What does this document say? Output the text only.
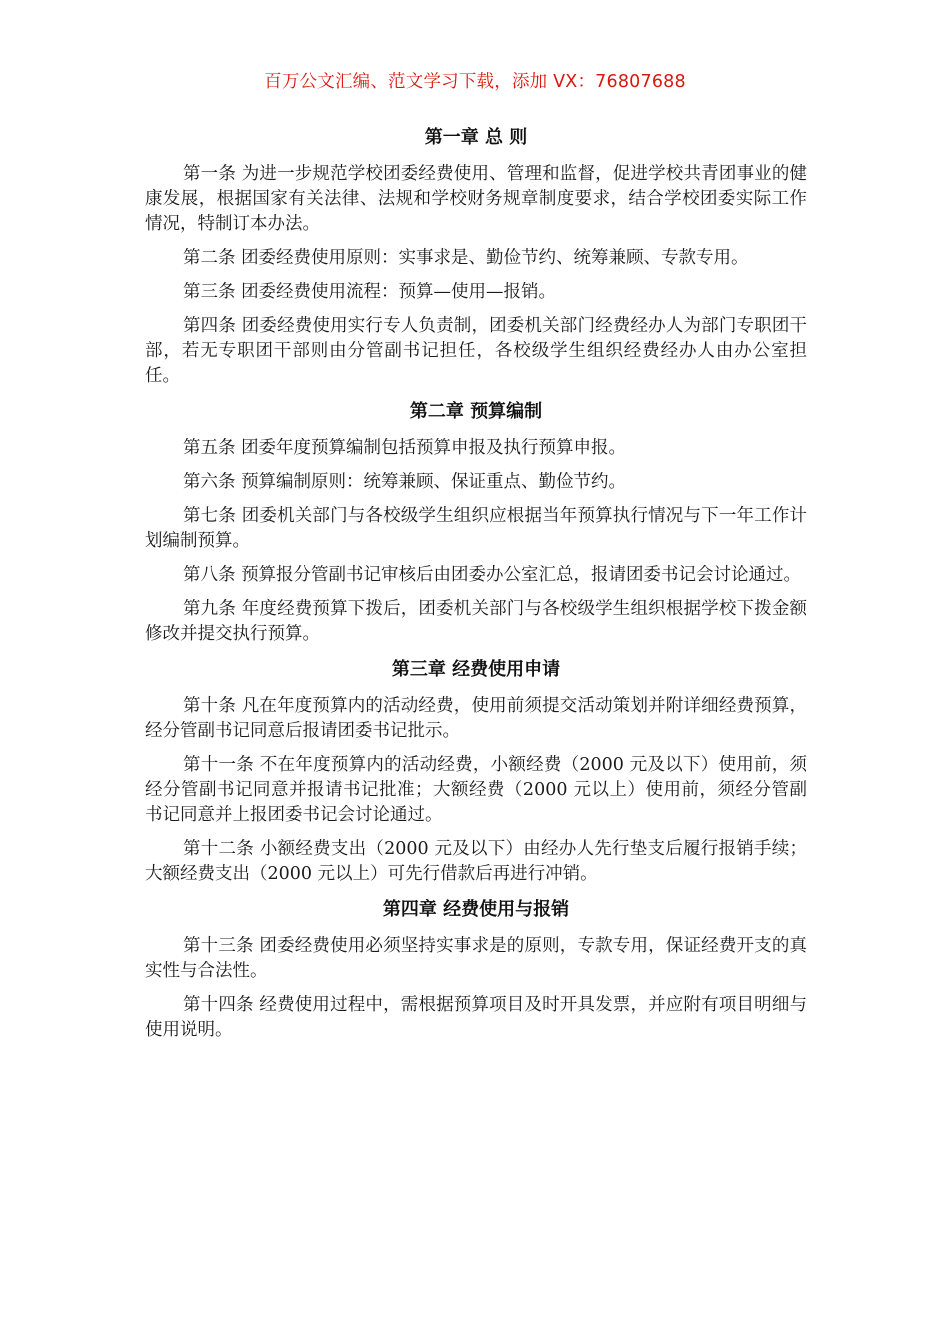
百万公文汇编、范文学习下载，添加 VX：76807688
第一章 总 则

第一条 为进一步规范学校团委经费使用、管理和监督，促进学校共青团事业的健康发展，根据国家有关法律、法规和学校财务规章制度要求，结合学校团委实际工作情况，特制订本办法。

第二条 团委经费使用原则：实事求是、勤俭节约、统筹兼顾、专款专用。

第三条 团委经费使用流程：预算—使用—报销。

第四条 团委经费使用实行专人负责制，团委机关部门经费经办人为部门专职团干部，若无专职团干部则由分管副书记担任，各校级学生组织经费经办人由办公室担任。

第二章 预算编制

第五条 团委年度预算编制包括预算申报及执行预算申报。

第六条 预算编制原则：统筹兼顾、保证重点、勤俭节约。

第七条 团委机关部门与各校级学生组织应根据当年预算执行情况与下一年工作计划编制预算。

第八条 预算报分管副书记审核后由团委办公室汇总，报请团委书记会讨论通过。

第九条 年度经费预算下拨后，团委机关部门与各校级学生组织根据学校下拨金额修改并提交执行预算。

第三章 经费使用申请

第十条 凡在年度预算内的活动经费，使用前须提交活动策划并附详细经费预算，经分管副书记同意后报请团委书记批示。

第十一条 不在年度预算内的活动经费，小额经费（2000 元及以下）使用前，须经分管副书记同意并报请书记批准；大额经费（2000 元以上）使用前，须经分管副书记同意并上报团委书记会讨论通过。

第十二条 小额经费支出（2000 元及以下）由经办人先行垫支后履行报销手续；大额经费支出（2000 元以上）可先行借款后再进行冲销。

第四章 经费使用与报销

第十三条 团委经费使用必须坚持实事求是的原则，专款专用，保证经费开支的真实性与合法性。

第十四条 经费使用过程中，需根据预算项目及时开具发票，并应附有项目明细与使用说明。
